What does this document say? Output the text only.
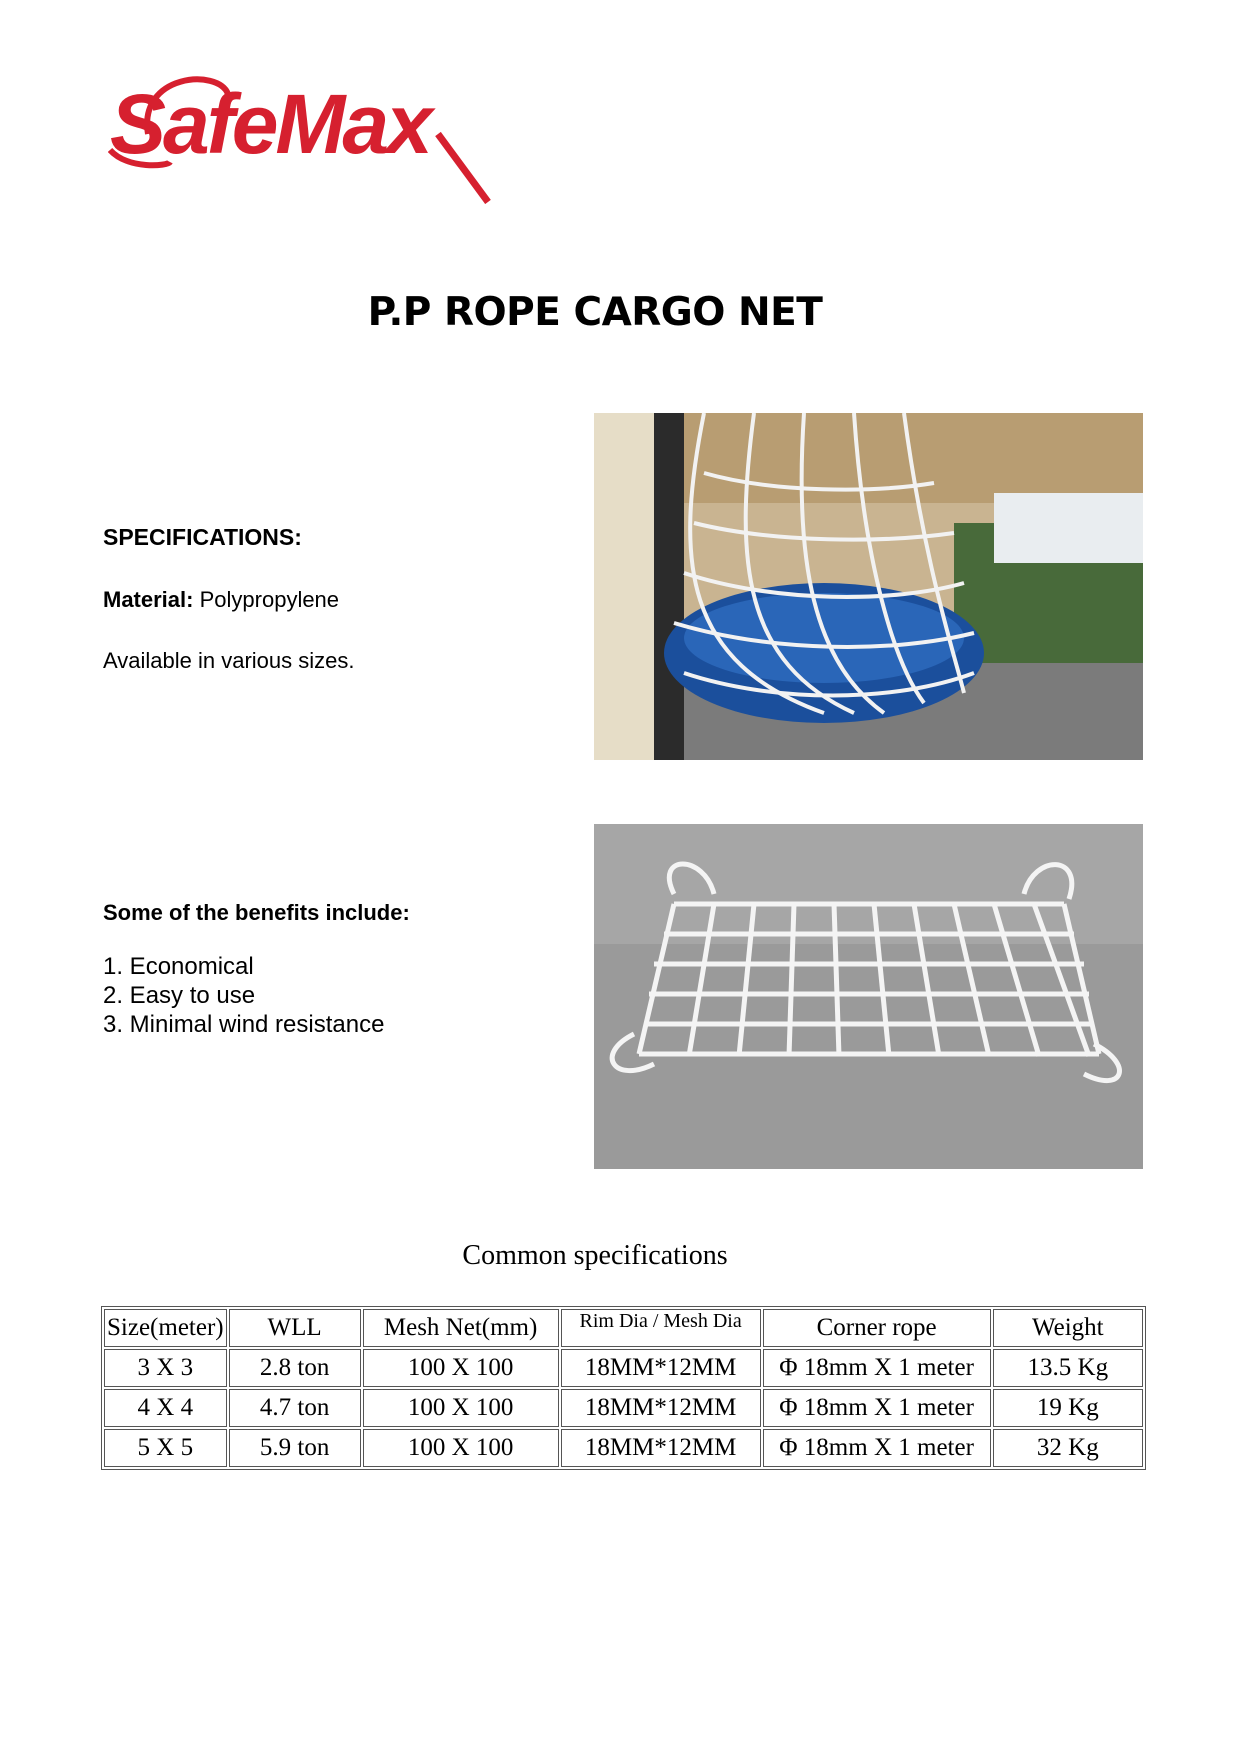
SafeMax
P.P ROPE CARGO NET
SPECIFICATIONS:
Material: Polypropylene
Available in various sizes.
Some of the benefits include:
1. Economical
2. Easy to use
3. Minimal wind resistance
Common specifications
Size(meter)	WLL	Mesh Net(mm)	Rim Dia / Mesh Dia	Corner rope	Weight
3 X 3	2.8 ton	100 X 100	18MM*12MM	Φ 18mm X 1 meter	13.5 Kg
4 X 4	4.7 ton	100 X 100	18MM*12MM	Φ 18mm X 1 meter	19 Kg
5 X 5	5.9 ton	100 X 100	18MM*12MM	Φ 18mm X 1 meter	32 Kg
